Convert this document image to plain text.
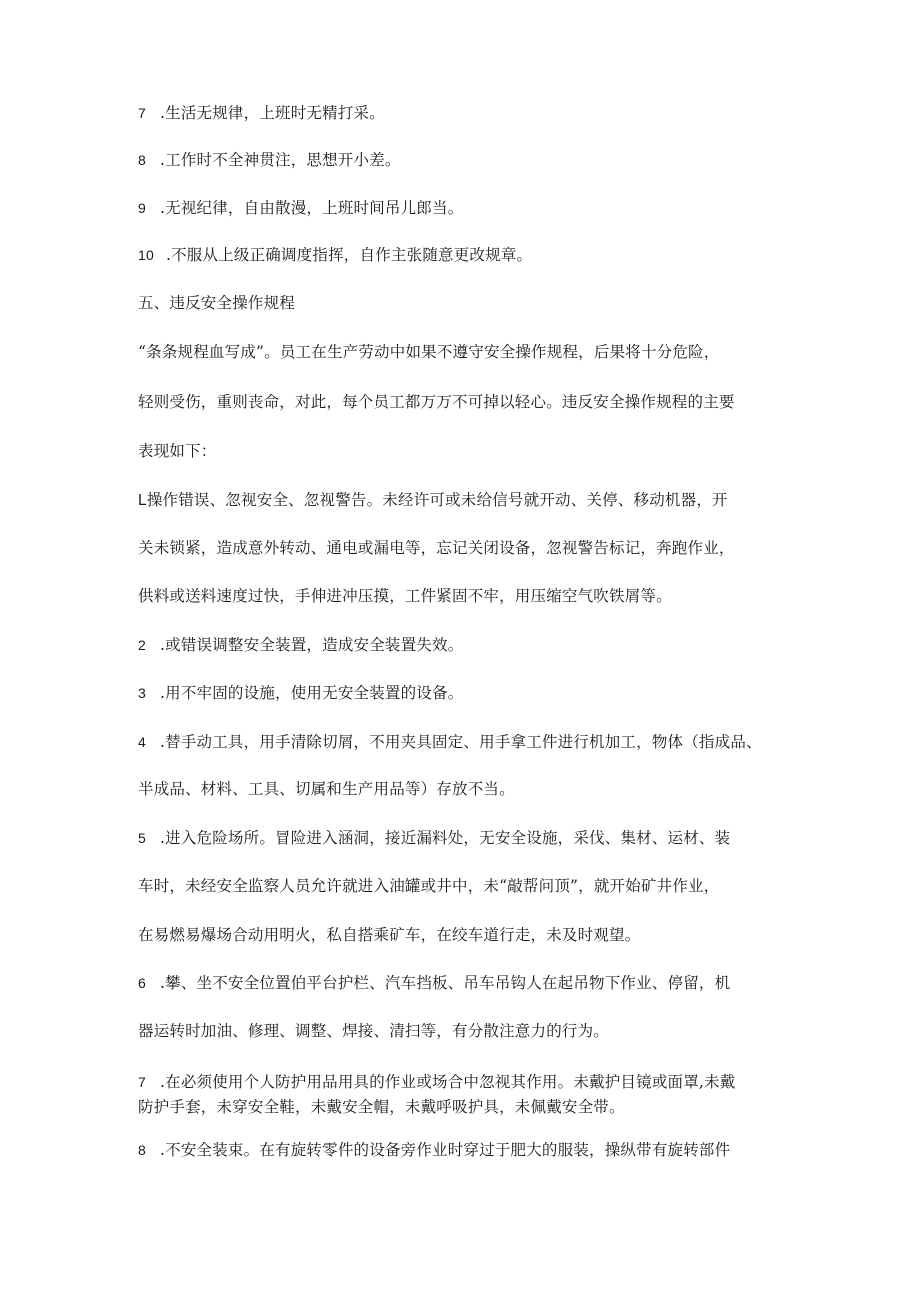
7 .生活无规律，上班时无精打采。
8 .工作时不全神贯注，思想开小差。
9 .无视纪律，自由散漫，上班时间吊儿郎当。
10 .不服从上级正确调度指挥，自作主张随意更改规章。
五、违反安全操作规程
“条条规程血写成”。员工在生产劳动中如果不遵守安全操作规程，后果将十分危险，
轻则受伤，重则丧命，对此，每个员工都万万不可掉以轻心。违反安全操作规程的主要
表现如下：
L操作错误、忽视安全、忽视警告。未经许可或未给信号就开动、关停、移动机器，开
关未锁紧，造成意外转动、通电或漏电等，忘记关闭设备，忽视警告标记，奔跑作业，
供料或送料速度过快，手伸进冲压摸，工件紧固不牢，用压缩空气吹铁屑等。
2 .或错误调整安全装置，造成安全装置失效。
3 .用不牢固的设施，使用无安全装置的设备。
4 .替手动工具，用手清除切屑，不用夹具固定、用手拿工件进行机加工，物体（指成品、
半成品、材料、工具、切属和生产用品等）存放不当。
5 .进入危险场所。冒险进入涵洞，接近漏料处，无安全设施，采伐、集材、运材、装
车时，未经安全监察人员允许就进入油罐或井中，未“敲帮问顶”，就开始矿井作业，
在易燃易爆场合动用明火，私自搭乘矿车，在绞车道行走，未及时观望。
6 .攀、坐不安全位置伯平台护栏、汽车挡板、吊车吊钩人在起吊物下作业、停留，机
器运转时加油、修理、调整、焊接、清扫等，有分散注意力的行为。
7 .在必须使用个人防护用品用具的作业或场合中忽视其作用。未戴护目镜或面罩,未戴
防护手套，未穿安全鞋，未戴安全帽，未戴呼吸护具，未佩戴安全带。
8 .不安全装束。在有旋转零件的设备旁作业时穿过于肥大的服装，操纵带有旋转部件
